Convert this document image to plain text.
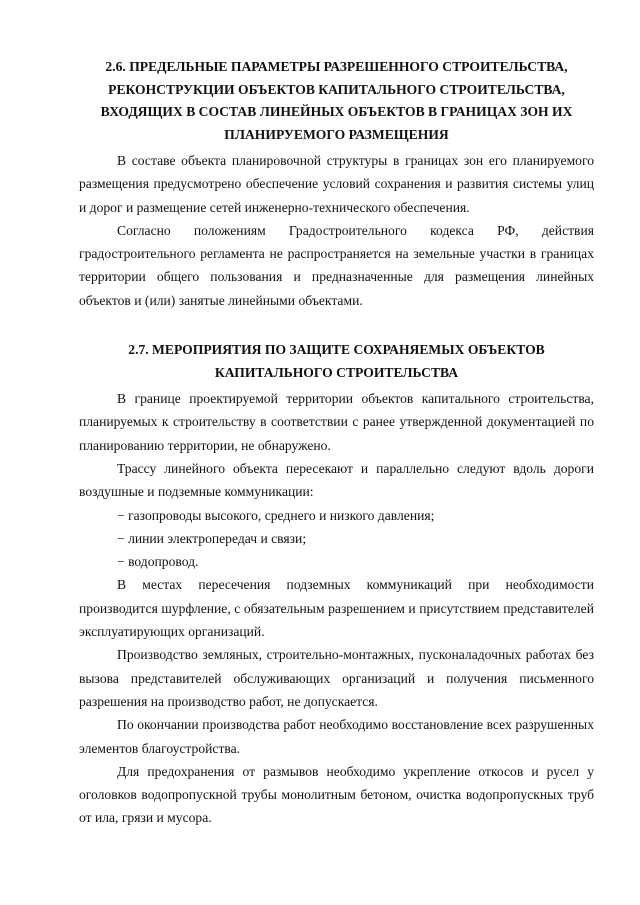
2.6. ПРЕДЕЛЬНЫЕ ПАРАМЕТРЫ РАЗРЕШЕННОГО СТРОИТЕЛЬСТВА, РЕКОНСТРУКЦИИ ОБЪЕКТОВ КАПИТАЛЬНОГО СТРОИТЕЛЬСТВА, ВХОДЯЩИХ В СОСТАВ ЛИНЕЙНЫХ ОБЪЕКТОВ В ГРАНИЦАХ ЗОН ИХ ПЛАНИРУЕМОГО РАЗМЕЩЕНИЯ

В составе объекта планировочной структуры в границах зон его планируемого размещения предусмотрено обеспечение условий сохранения и развития системы улиц и дорог и размещение сетей инженерно-технического обеспечения.

Согласно положениям Градостроительного кодекса РФ, действия градостроительного регламента не распространяется на земельные участки в границах территории общего пользования и предназначенные для размещения линейных объектов и (или) занятые линейными объектами.

2.7. МЕРОПРИЯТИЯ ПО ЗАЩИТЕ СОХРАНЯЕМЫХ ОБЪЕКТОВ КАПИТАЛЬНОГО СТРОИТЕЛЬСТВА

В границе проектируемой территории объектов капитального строительства, планируемых к строительству в соответствии с ранее утвержденной документацией по планированию территории, не обнаружено.

Трассу линейного объекта пересекают и параллельно следуют вдоль дороги воздушные и подземные коммуникации:

− газопроводы высокого, среднего и низкого давления;

− линии электропередач и связи;

− водопровод.

В местах пересечения подземных коммуникаций при необходимости производится шурфление, с обязательным разрешением и присутствием представителей эксплуатирующих организаций.

Производство земляных, строительно-монтажных, пусконаладочных работах без вызова представителей обслуживающих организаций и получения письменного разрешения на производство работ, не допускается.

По окончании производства работ необходимо восстановление всех разрушенных элементов благоустройства.

Для предохранения от размывов необходимо укрепление откосов и русел у оголовков водопропускной трубы монолитным бетоном, очистка водопропускных труб от ила, грязи и мусора.
